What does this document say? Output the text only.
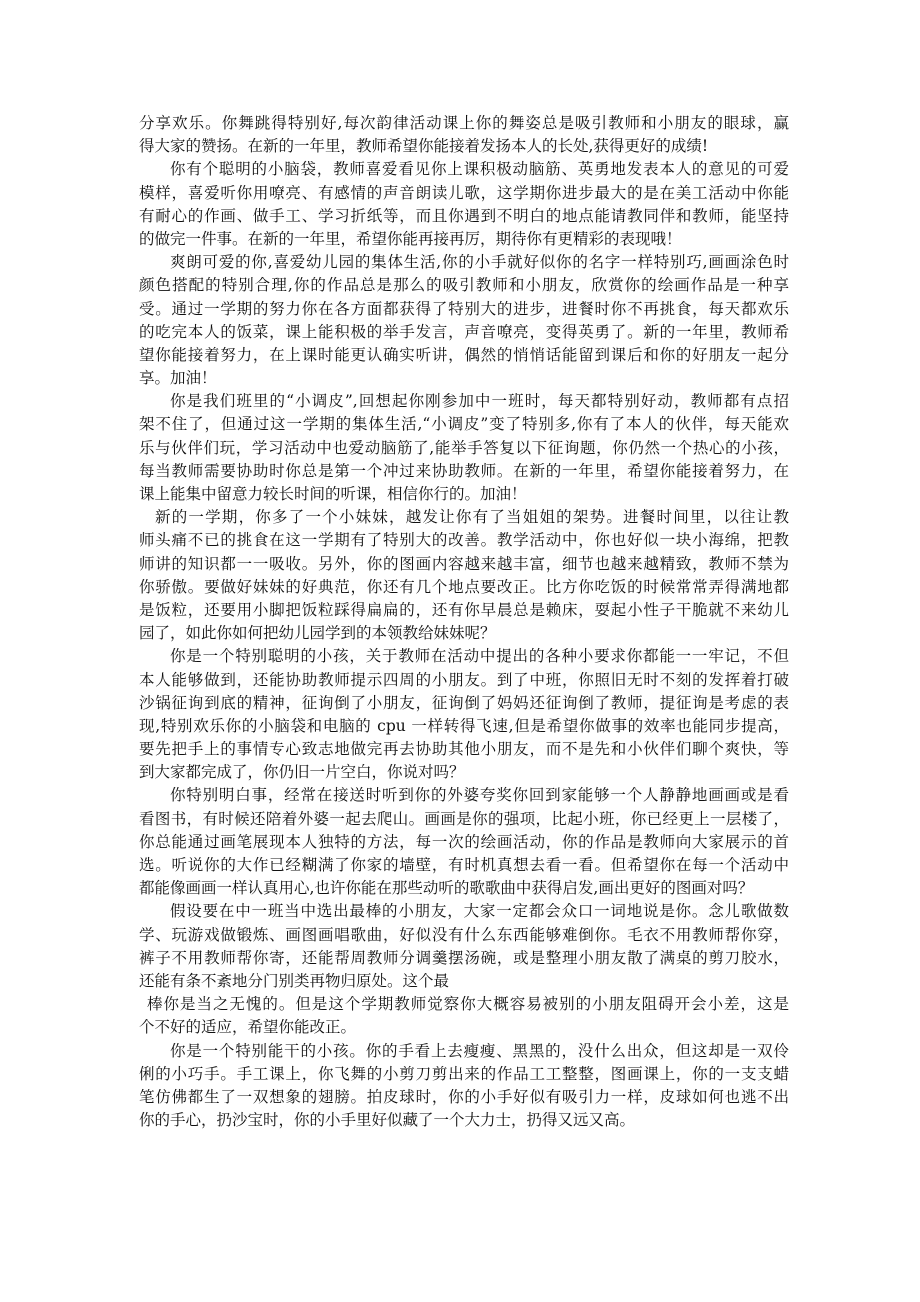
分享欢乐。你舞跳得特别好,每次韵律活动课上你的舞姿总是吸引教师和小朋友的眼球，赢
得大家的赞扬。在新的一年里，教师希望你能接着发扬本人的长处,获得更好的成绩!
你有个聪明的小脑袋，教师喜爱看见你上课积极动脑筋、英勇地发表本人的意见的可爱
模样，喜爱听你用嘹亮、有感情的声音朗读儿歌，这学期你进步最大的是在美工活动中你能
有耐心的作画、做手工、学习折纸等，而且你遇到不明白的地点能请教同伴和教师，能坚持
的做完一件事。在新的一年里，希望你能再接再厉，期待你有更精彩的表现哦！
爽朗可爱的你,喜爱幼儿园的集体生活,你的小手就好似你的名字一样特别巧,画画涂色时
颜色搭配的特别合理,你的作品总是那么的吸引教师和小朋友，欣赏你的绘画作品是一种享
受。通过一学期的努力你在各方面都获得了特别大的进步，进餐时你不再挑食，每天都欢乐
的吃完本人的饭菜，课上能积极的举手发言，声音嘹亮，变得英勇了。新的一年里，教师希
望你能接着努力，在上课时能更认确实听讲，偶然的悄悄话能留到课后和你的好朋友一起分
享。加油！
你是我们班里的“小调皮”,回想起你刚参加中一班时，每天都特别好动，教师都有点招
架不住了，但通过这一学期的集体生活,“小调皮”变了特别多,你有了本人的伙伴，每天能欢
乐与伙伴们玩，学习活动中也爱动脑筋了,能举手答复以下征询题，你仍然一个热心的小孩，
每当教师需要协助时你总是第一个冲过来协助教师。在新的一年里，希望你能接着努力，在
课上能集中留意力较长时间的听课，相信你行的。加油！
新的一学期，你多了一个小妹妹，越发让你有了当姐姐的架势。进餐时间里，以往让教
师头痛不已的挑食在这一学期有了特别大的改善。教学活动中，你也好似一块小海绵，把教
师讲的知识都一一吸收。另外，你的图画内容越来越丰富，细节也越来越精致，教师不禁为
你骄傲。要做好妹妹的好典范，你还有几个地点要改正。比方你吃饭的时候常常弄得满地都
是饭粒，还要用小脚把饭粒踩得扁扁的，还有你早晨总是赖床，耍起小性子干脆就不来幼儿
园了，如此你如何把幼儿园学到的本领教给妹妹呢？
你是一个特别聪明的小孩，关于教师在活动中提出的各种小要求你都能一一牢记，不但
本人能够做到，还能协助教师提示四周的小朋友。到了中班，你照旧无时不刻的发挥着打破
沙锅征询到底的精神，征询倒了小朋友，征询倒了妈妈还征询倒了教师，提征询是考虑的表
现,特别欢乐你的小脑袋和电脑的 cpu 一样转得飞速,但是希望你做事的效率也能同步提高，
要先把手上的事情专心致志地做完再去协助其他小朋友，而不是先和小伙伴们聊个爽快，等
到大家都完成了，你仍旧一片空白，你说对吗？
你特别明白事，经常在接送时听到你的外婆夸奖你回到家能够一个人静静地画画或是看
看图书，有时候还陪着外婆一起去爬山。画画是你的强项，比起小班，你已经更上一层楼了，
你总能通过画笔展现本人独特的方法，每一次的绘画活动，你的作品是教师向大家展示的首
选。听说你的大作已经糊满了你家的墙壁，有时机真想去看一看。但希望你在每一个活动中
都能像画画一样认真用心,也许你能在那些动听的歌歌曲中获得启发,画出更好的图画对吗？
假设要在中一班当中选出最棒的小朋友，大家一定都会众口一词地说是你。念儿歌做数
学、玩游戏做锻炼、画图画唱歌曲，好似没有什么东西能够难倒你。毛衣不用教师帮你穿，
裤子不用教师帮你寄，还能帮周教师分调羹摆汤碗，或是整理小朋友散了满桌的剪刀胶水，
还能有条不紊地分门别类再物归原处。这个最
棒你是当之无愧的。但是这个学期教师觉察你大概容易被别的小朋友阻碍开会小差，这是
个不好的适应，希望你能改正。
你是一个特别能干的小孩。你的手看上去瘦瘦、黑黑的，没什么出众，但这却是一双伶
俐的小巧手。手工课上，你飞舞的小剪刀剪出来的作品工工整整，图画课上，你的一支支蜡
笔仿佛都生了一双想象的翅膀。拍皮球时，你的小手好似有吸引力一样，皮球如何也逃不出
你的手心，扔沙宝时，你的小手里好似藏了一个大力士，扔得又远又高。
